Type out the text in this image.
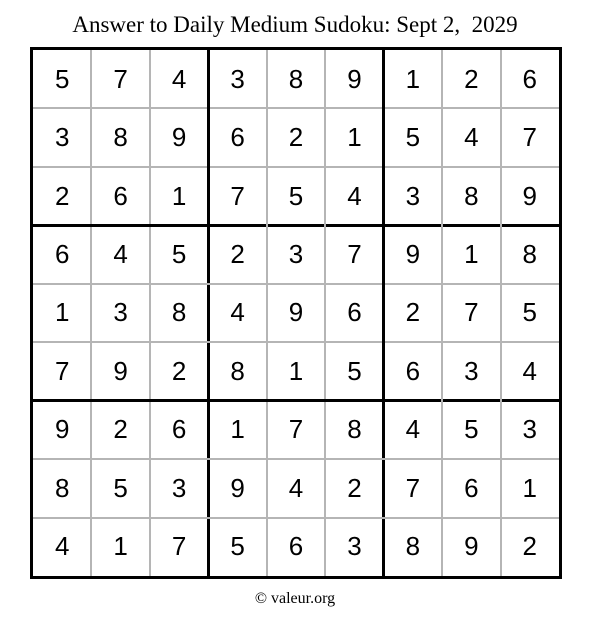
Answer to Daily Medium Sudoku: Sept 2,  2029
5	7	4	3	8	9	1	2	6
3	8	9	6	2	1	5	4	7
2	6	1	7	5	4	3	8	9
6	4	5	2	3	7	9	1	8
1	3	8	4	9	6	2	7	5
7	9	2	8	1	5	6	3	4
9	2	6	1	7	8	4	5	3
8	5	3	9	4	2	7	6	1
4	1	7	5	6	3	8	9	2
© valeur.org
